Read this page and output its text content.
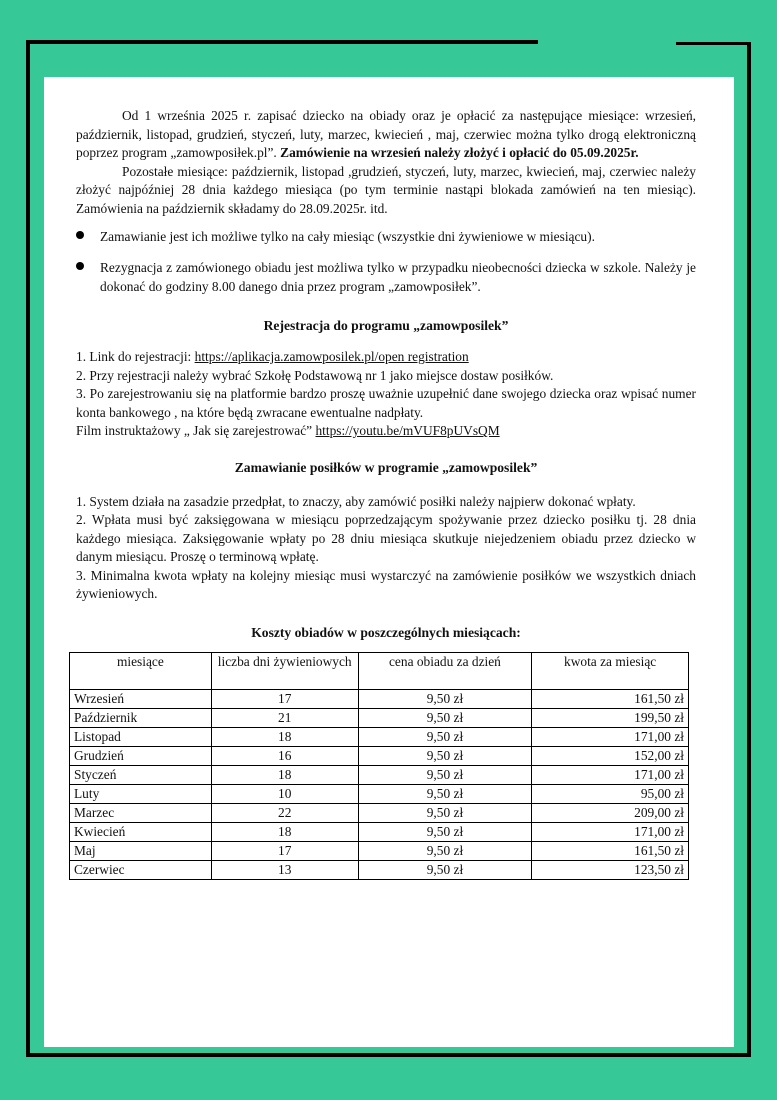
Od 1 września 2025 r. zapisać dziecko na obiady oraz je opłacić za następujące miesiące: wrzesień, październik, listopad, grudzień, styczeń, luty, marzec, kwiecień , maj, czerwiec można tylko drogą elektroniczną poprzez program „zamowposiłek.pl”. Zamówienie na wrzesień należy złożyć i opłacić do 05.09.2025r.

Pozostałe miesiące: październik, listopad ,grudzień, styczeń, luty, marzec, kwiecień, maj, czerwiec należy złożyć najpóźniej 28 dnia każdego miesiąca (po tym terminie nastąpi blokada zamówień na ten miesiąc). Zamówienia na październik składamy do 28.09.2025r. itd.

Zamawianie jest ich możliwe tylko na cały miesiąc (wszystkie dni żywieniowe w miesiącu).
Rezygnacja z zamówionego obiadu jest możliwa tylko w przypadku nieobecności dziecka w szkole. Należy je dokonać do godziny 8.00 danego dnia przez program „zamowposiłek”.
Rejestracja do programu „zamowposilek”

1. Link do rejestracji: https://aplikacja.zamowposilek.pl/open registration

2. Przy rejestracji należy wybrać Szkołę Podstawową nr 1 jako miejsce dostaw posiłków.

3. Po zarejestrowaniu się na platformie bardzo proszę uważnie uzupełnić dane swojego dziecka oraz wpisać numer konta bankowego , na które będą zwracane ewentualne nadpłaty.

Film instruktażowy „ Jak się zarejestrować” https://youtu.be/mVUF8pUVsQM

Zamawianie posiłków w programie „zamowposilek”

1. System działa na zasadzie przedpłat, to znaczy, aby zamówić posiłki należy najpierw dokonać wpłaty.

2. Wpłata musi być zaksięgowana w miesiącu poprzedzającym spożywanie przez dziecko posiłku tj. 28 dnia każdego miesiąca. Zaksięgowanie wpłaty po 28 dniu miesiąca skutkuje niejedzeniem obiadu przez dziecko w danym miesiącu. Proszę o terminową wpłatę.

3. Minimalna kwota wpłaty na kolejny miesiąc musi wystarczyć na zamówienie posiłków we wszystkich dniach żywieniowych.

Koszty obiadów w poszczególnych miesiącach:
miesiące	liczba dni żywieniowych	cena obiadu za dzień	kwota za miesiąc
Wrzesień	17	9,50 zł	161,50 zł
Październik	21	9,50 zł	199,50 zł
Listopad	18	9,50 zł	171,00 zł
Grudzień	16	9,50 zł	152,00 zł
Styczeń	18	9,50 zł	171,00 zł
Luty	10	9,50 zł	95,00 zł
Marzec	22	9,50 zł	209,00 zł
Kwiecień	18	9,50 zł	171,00 zł
Maj	17	9,50 zł	161,50 zł
Czerwiec	13	9,50 zł	123,50 zł
